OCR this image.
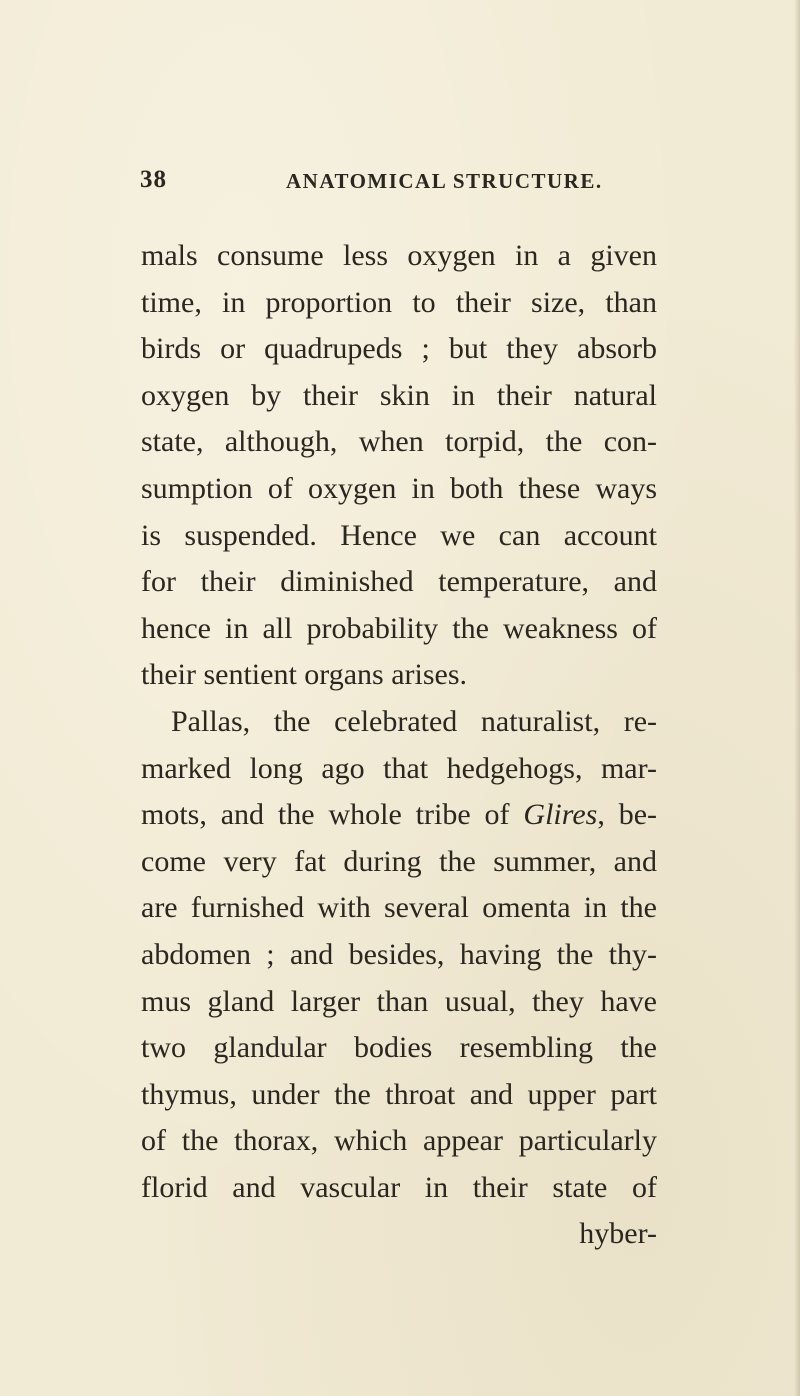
38	ANATOMICAL STRUCTURE.
mals consume less oxygen in a given
time, in proportion to their size, than
birds or quadrupeds ; but they absorb
oxygen by their skin in their natural
state, although, when torpid, the con-
sumption of oxygen in both these ways
is suspended. Hence we can account
for their diminished temperature, and
hence in all probability the weakness of
their sentient organs arises.
Pallas, the celebrated naturalist, re-
marked long ago that hedgehogs, mar-
mots, and the whole tribe of Glires, be-
come very fat during the summer, and
are furnished with several omenta in the
abdomen ; and besides, having the thy-
mus gland larger than usual, they have
two glandular bodies resembling the
thymus, under the throat and upper part
of the thorax, which appear particularly
florid and vascular in their state of
hyber-
